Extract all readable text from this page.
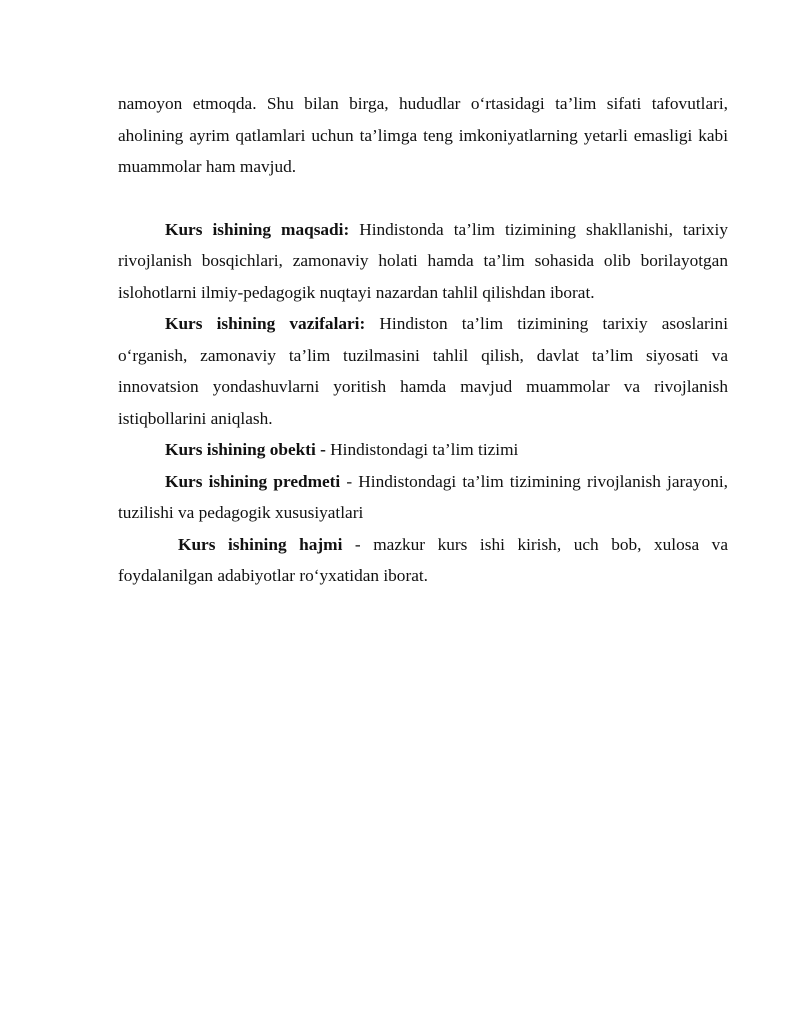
namoyon etmoqda. Shu bilan birga, hududlar o‘rtasidagi ta’lim sifati tafovutlari, aholining ayrim qatlamlari uchun ta’limga teng imkoniyatlarning yetarli emasligi kabi muammolar ham mavjud.

Kurs ishining maqsadi: Hindistonda ta’lim tizimining shakllanishi, tarixiy rivojlanish bosqichlari, zamonaviy holati hamda ta’lim sohasida olib borilayotgan islohotlarni ilmiy-pedagogik nuqtayi nazardan tahlil qilishdan iborat.

Kurs ishining vazifalari: Hindiston ta’lim tizimining tarixiy asoslarini o‘rganish, zamonaviy ta’lim tuzilmasini tahlil qilish, davlat ta’lim siyosati va innovatsion yondashuvlarni yoritish hamda mavjud muammolar va rivojlanish istiqbollarini aniqlash.

Kurs ishining obekti - Hindistondagi ta’lim tizimi

Kurs ishining predmeti - Hindistondagi ta’lim tizimining rivojlanish jarayoni, tuzilishi va pedagogik xususiyatlari

Kurs ishining hajmi - mazkur kurs ishi kirish, uch bob, xulosa va foydalanilgan adabiyotlar ro‘yxatidan iborat.
